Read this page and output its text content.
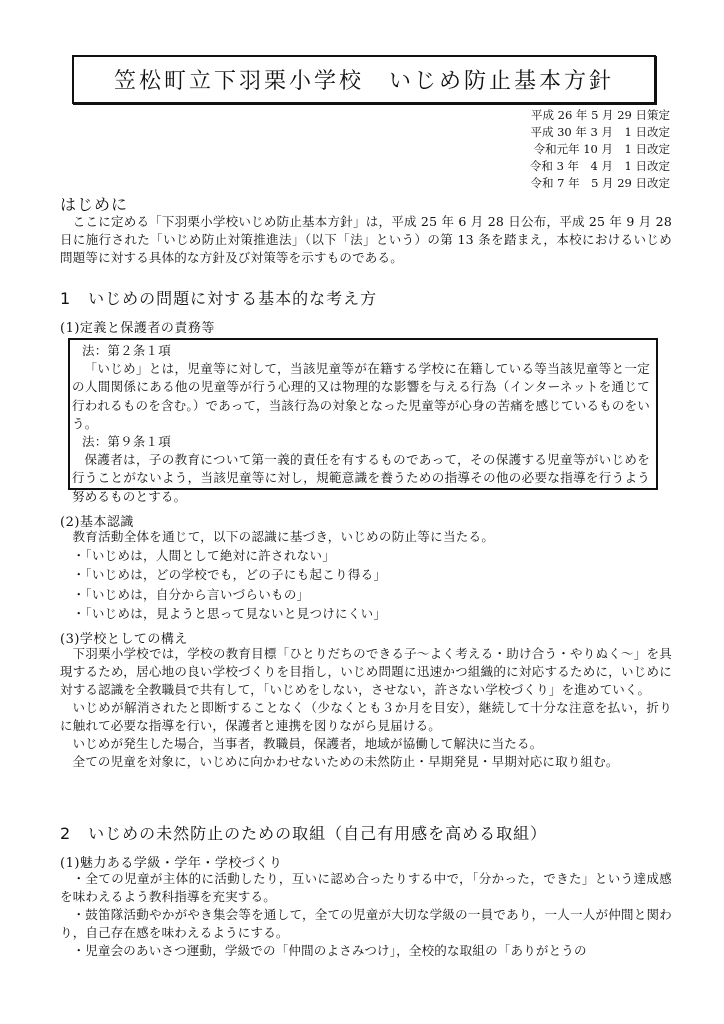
笠松町立下羽栗小学校　いじめ防止基本方針
平成 26 年 5 月 29 日策定
平成 30 年 3 月　1 日改定
令和元年 10 月　1 日改定
令和 3 年　4 月　1 日改定
令和 7 年　5 月 29 日改定
はじめに

　ここに定める「下羽栗小学校いじめ防止基本方針」は，平成 25 年 6 月 28 日公布，平成 25 年 9 月 28 日に施行された「いじめ防止対策推進法」（以下「法」という）の第 13 条を踏まえ，本校におけるいじめ問題等に対する具体的な方針及び対策等を示すものである。

1　いじめの問題に対する基本的な考え方
(1)定義と保護者の責務等

法：第２条１項

「いじめ」とは，児童等に対して，当該児童等が在籍する学校に在籍している等当該児童等と一定の人間関係にある他の児童等が行う心理的又は物理的な影響を与える行為（インターネットを通じて行われるものを含む。）であって，当該行為の対象となった児童等が心身の苦痛を感じているものをいう。

法：第９条１項

保護者は，子の教育について第一義的責任を有するものであって，その保護する児童等がいじめを行うことがないよう，当該児童等に対し，規範意識を養うための指導その他の必要な指導を行うよう努めるものとする。

(2)基本認識
教育活動全体を通じて，以下の認識に基づき，いじめの防止等に当たる。
・「いじめは，人間として絶対に許されない」
・「いじめは，どの学校でも，どの子にも起こり得る」
・「いじめは，自分から言いづらいもの」
・「いじめは，見ようと思って見ないと見つけにくい」
(3)学校としての構え

下羽栗小学校では，学校の教育目標「ひとりだちのできる子～よく考える・助け合う・やりぬく～」を具現するため，居心地の良い学校づくりを目指し，いじめ問題に迅速かつ組織的に対応するために，いじめに対する認識を全教職員で共有して，「いじめをしない，させない，許さない学校づくり」を進めていく。

いじめが解消されたと即断することなく（少なくとも３か月を目安），継続して十分な注意を払い，折りに触れて必要な指導を行い，保護者と連携を図りながら見届ける。

いじめが発生した場合，当事者，教職員，保護者，地域が協働して解決に当たる。

全ての児童を対象に，いじめに向かわせないための未然防止・早期発見・早期対応に取り組む。

2　いじめの未然防止のための取組（自己有用感を高める取組）
(1)魅力ある学級・学年・学校づくり

・全ての児童が主体的に活動したり，互いに認め合ったりする中で，「分かった，できた」という達成感を味わえるよう教科指導を充実する。

・鼓笛隊活動やかがやき集会等を通して，全ての児童が大切な学級の一員であり，一人一人が仲間と関わり，自己存在感を味わえるようにする。

・児童会のあいさつ運動，学級での「仲間のよさみつけ」，全校的な取組の「ありがとうの
